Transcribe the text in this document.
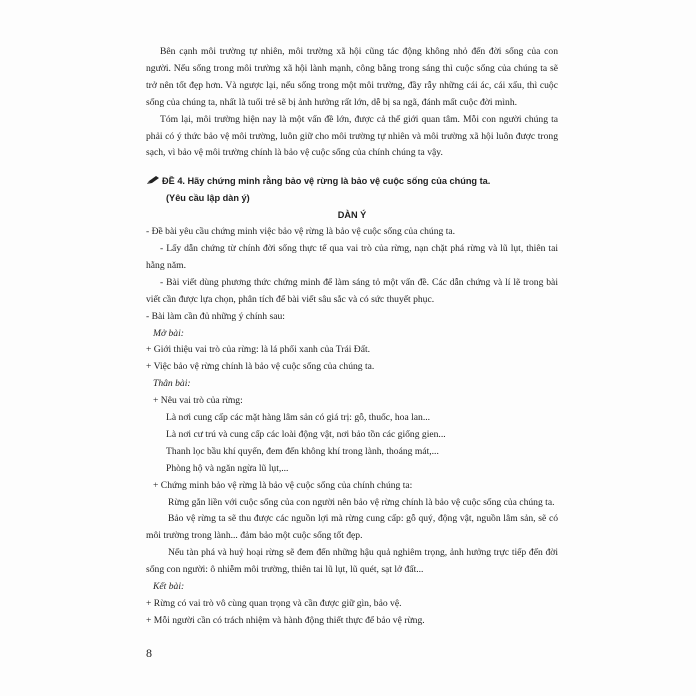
Bên cạnh môi trường tự nhiên, môi trường xã hội cũng tác động không nhỏ đến đời sống của con người. Nếu sống trong môi trường xã hội lành mạnh, công bằng trong sáng thì cuộc sống của chúng ta sẽ trở nên tốt đẹp hơn. Và ngược lại, nếu sống trong một môi trường, đầy rẫy những cái ác, cái xấu, thì cuộc sống của chúng ta, nhất là tuổi trẻ sẽ bị ảnh hưởng rất lớn, dễ bị sa ngã, đánh mất cuộc đời mình.

Tóm lại, môi trường hiện nay là một vấn đề lớn, được cả thế giới quan tâm. Mỗi con người chúng ta phải có ý thức bảo vệ môi trường, luôn giữ cho môi trường tự nhiên và môi trường xã hội luôn được trong sạch, vì bảo vệ môi trường chính là bảo vệ cuộc sống của chính chúng ta vậy.

ĐỀ 4. Hãy chứng minh rằng bảo vệ rừng là bảo vệ cuộc sống của chúng ta.

(Yêu cầu lập dàn ý)

DÀN Ý

- Đề bài yêu cầu chứng minh việc bảo vệ rừng là bảo vệ cuộc sống của chúng ta.

- Lấy dẫn chứng từ chính đời sống thực tế qua vai trò của rừng, nạn chặt phá rừng và lũ lụt, thiên tai hằng năm.

- Bài viết dùng phương thức chứng minh để làm sáng tỏ một vấn đề. Các dẫn chứng và lí lẽ trong bài viết cần được lựa chọn, phân tích để bài viết sâu sắc và có sức thuyết phục.

- Bài làm cần đủ những ý chính sau:

Mở bài:

+ Giới thiệu vai trò của rừng: là lá phổi xanh của Trái Đất.

+ Việc bảo vệ rừng chính là bảo vệ cuộc sống của chúng ta.

Thân bài:

+ Nêu vai trò của rừng:

Là nơi cung cấp các mặt hàng lâm sản có giá trị: gỗ, thuốc, hoa lan...

Là nơi cư trú và cung cấp các loài động vật, nơi bảo tồn các giống gien...

Thanh lọc bầu khí quyển, đem đến không khí trong lành, thoáng mát,...

Phòng hộ và ngăn ngừa lũ lụt,...

+ Chứng minh bảo vệ rừng là bảo vệ cuộc sống của chính chúng ta:

Rừng gắn liền với cuộc sống của con người nên bảo vệ rừng chính là bảo vệ cuộc sống của chúng ta.

Bảo vệ rừng ta sẽ thu được các nguồn lợi mà rừng cung cấp: gỗ quý, động vật, nguồn lâm sản, sẽ có môi trường trong lành... đảm bảo một cuộc sống tốt đẹp.

Nếu tàn phá và huỷ hoại rừng sẽ đem đến những hậu quả nghiêm trọng, ảnh hưởng trực tiếp đến đời sống con người: ô nhiễm môi trường, thiên tai lũ lụt, lũ quét, sạt lở đất...

Kết bài:

+ Rừng có vai trò vô cùng quan trọng và cần được giữ gìn, bảo vệ.

+ Mỗi người cần có trách nhiệm và hành động thiết thực để bảo vệ rừng.

8
